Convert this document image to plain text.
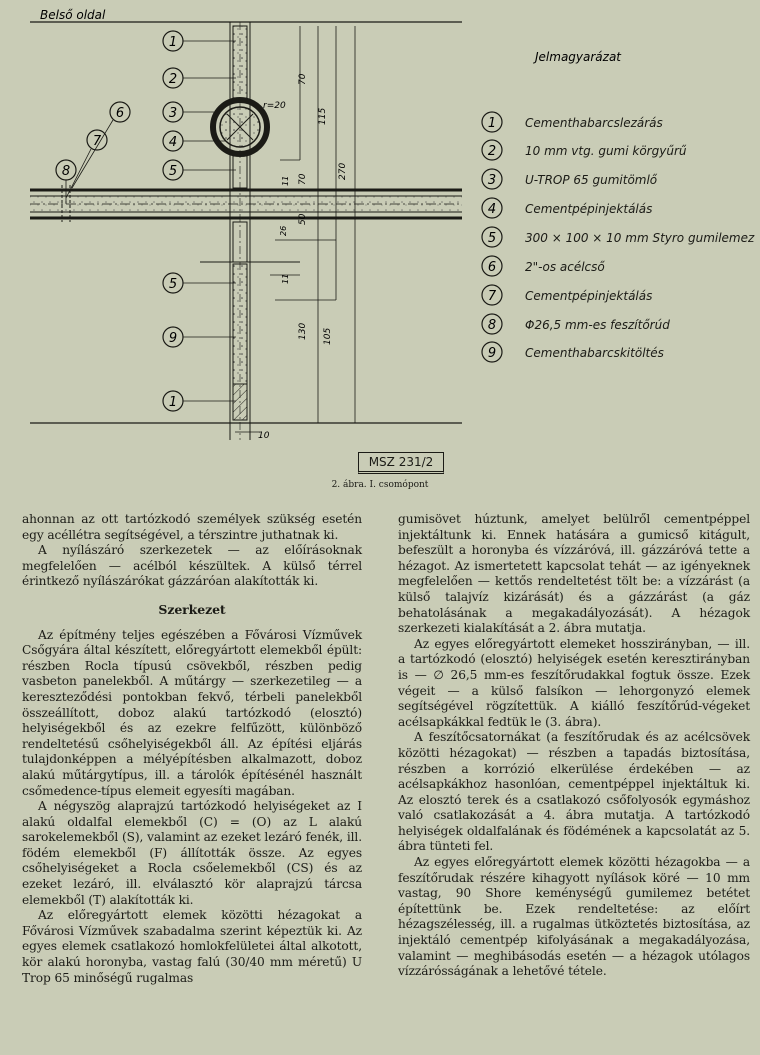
Belső oldal
70
115
270
70
50
130 105
10
r=20
11
11
26
1
2
3
4
5
6
7
8
5
9
1
Jelmagyarázat
1 Cementhabarcslezárás
2 10 mm vtg. gumi körgyűrű
3 U-TROP 65 gumitömlő
4 Cementpépinjektálás
5 300 × 100 × 10 mm Styro gumilemez
6 2"-os acélcső
7 Cementpépinjektálás
8 Φ26,5 mm-es feszítőrúd
9 Cementhabarcskitöltés
MSZ 231/2
2. ábra. I. csomópont

ahonnan az ott tartózkodó személyek szükség esetén egy acéllétra segítségével, a térszintre juthatnak ki.

A nyílászáró szerkezetek — az előírásoknak megfelelően — acélból készültek. A külső térrel érintkező nyílászárókat gázzáróan alakították ki.

Szerkezet

Az építmény teljes egészében a Fővárosi Vízművek Csőgyára által készített, előregyártott elemekből épült: részben Rocla típusú csövekből, részben pedig vasbeton panelekből. A műtárgy — szerkezetileg — a kereszteződési pontokban fekvő, térbeli panelekből összeállított, doboz alakú tartózkodó (elosztó) helyiségekből és az ezekre felfűzött, különböző rendeltetésű csőhelyiségekből áll. Az építési eljárás tulajdonképpen a mélyépítésben alkalmazott, doboz alakú műtárgytípus, ill. a tárolók építésénél használt csőmedence-típus elemeit egyesíti magában.

A négyszög alaprajzú tartózkodó helyiségeket az I alakú oldalfal elemekből (C) = (O) az L alakú sarokelemekből (S), valamint az ezeket lezáró fenék, ill. födém elemekből (F) állították össze. Az egyes csőhelyiségeket a Rocla csőelemekből (CS) és az ezeket lezáró, ill. elválasztó kör alaprajzú tárcsa elemekből (T) alakították ki.

Az előregyártott elemek közötti hézagokat a Fővárosi Vízművek szabadalma szerint képeztük ki. Az egyes elemek csatlakozó homlokfelületei által alkotott, kör alakú horonyba, vastag falú (30/40 mm méretű) U Trop 65 minőségű rugalmas

gumisövet húztunk, amelyet belülről cementpéppel injektáltunk ki. Ennek hatására a gumicső kitágult, befeszült a horonyba és vízzáróvá, ill. gázzáróvá tette a hézagot. Az ismertetett kapcsolat tehát — az igényeknek megfelelően — kettős rendeltetést tölt be: a vízzárást (a külső talajvíz kizárását) és a gázzárást (a gáz behatolásának a megakadályozását). A hézagok szerkezeti kialakítását a 2. ábra mutatja.

Az egyes előregyártott elemeket hosszirányban, — ill. a tartózkodó (elosztó) helyiségek esetén keresztirányban is — ∅ 26,5 mm-es feszítőrudakkal fogtuk össze. Ezek végeit — a külső falsíkon — lehorgonyzó elemek segítségével rögzítettük. A kiálló feszítőrúd-végeket acélsapkákkal fedtük le (3. ábra).

A feszítőcsatornákat (a feszítőrudak és az acélcsövek közötti hézagokat) — részben a tapadás biztosítása, részben a korrózió elkerülése érdekében — az acélsapkákhoz hasonlóan, cementpéppel injektáltuk ki. Az elosztó terek és a csatlakozó csőfolyosók egymáshoz való csatlakozását a 4. ábra mutatja. A tartózkodó helyiségek oldalfalának és födémének a kapcsolatát az 5. ábra tünteti fel.

Az egyes előregyártott elemek közötti hézagokba — a feszítőrudak részére kihagyott nyílások köré — 10 mm vastag, 90 Shore keménységű gumilemez betétet építettünk be. Ezek rendeltetése: az előírt hézagszélesség, ill. a rugalmas ütköztetés biztosítása, az injektáló cementpép kifolyásának a megakadályozása, valamint — meghibásodás esetén — a hézagok utólagos vízzárósságának a lehetővé tétele.
